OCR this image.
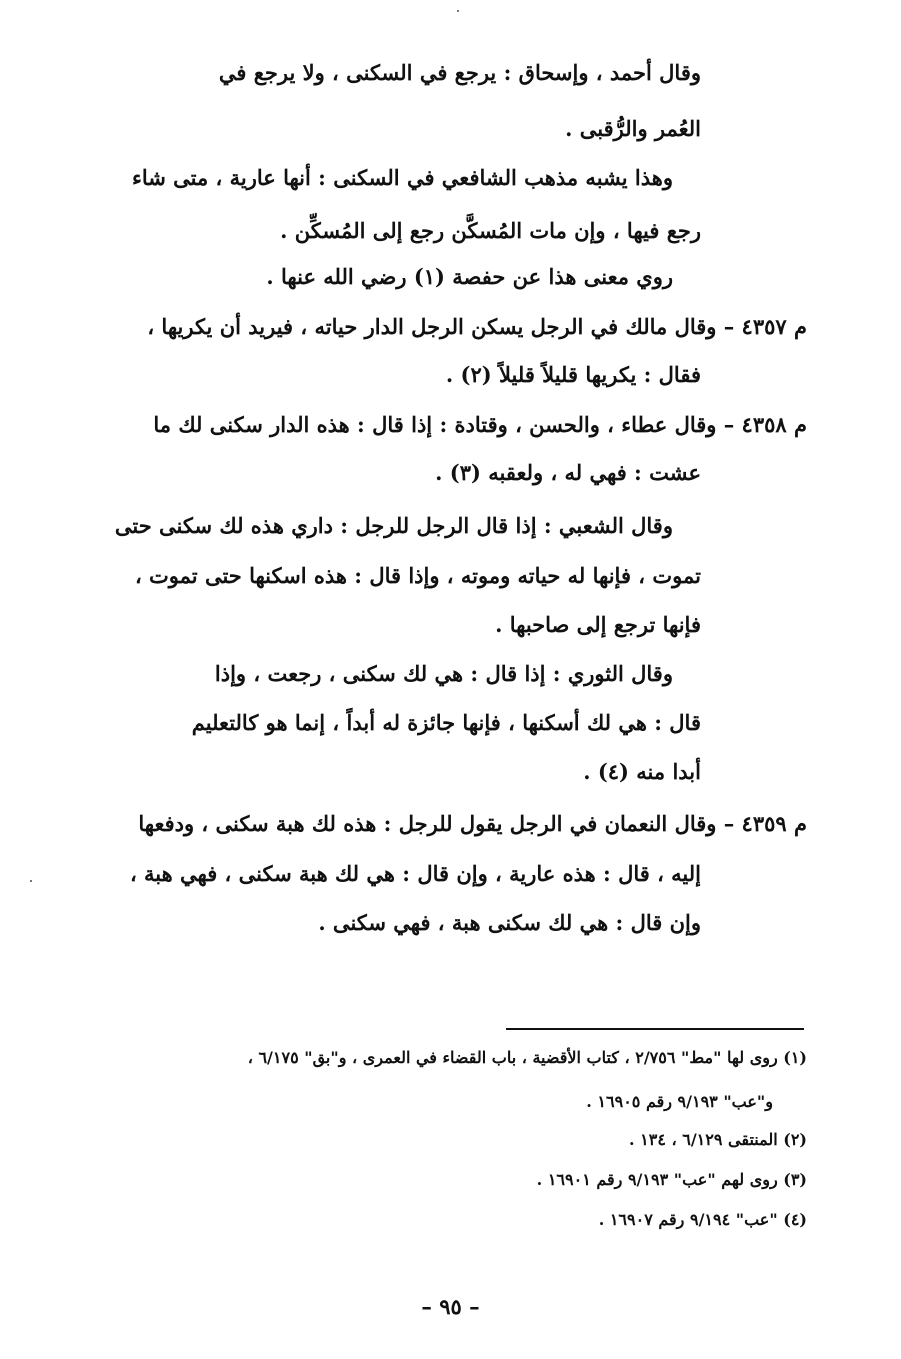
وقال أحمد ، وإسحاق : يرجع في السكنى ، ولا يرجع في
العُمر والرُّقبى .
وهذا يشبه مذهب الشافعي في السكنى : أنها عارية ، متى شاء
رجع فيها ، وإن مات المُسكَّن رجع إلى المُسكِّن .
روي معنى هذا عن حفصة (١) رضي الله عنها .
م ٤٣٥٧ – وقال مالك في الرجل يسكن الرجل الدار حياته ، فيريد أن يكريها ،
فقال : يكريها قليلاً قليلاً (٢) .
م ٤٣٥٨ – وقال عطاء ، والحسن ، وقتادة : إذا قال : هذه الدار سكنى لك ما
عشت : فهي له ، ولعقبه (٣) .
وقال الشعبي : إذا قال الرجل للرجل : داري هذه لك سكنى حتى
تموت ، فإنها له حياته وموته ، وإذا قال : هذه اسكنها حتى تموت ،
فإنها ترجع إلى صاحبها .
وقال الثوري : إذا قال : هي لك سكنى ، رجعت ، وإذا
قال : هي لك أسكنها ، فإنها جائزة له أبداً ، إنما هو كالتعليم
أبدا منه (٤) .
م ٤٣٥٩ – وقال النعمان في الرجل يقول للرجل : هذه لك هبة سكنى ، ودفعها
إليه ، قال : هذه عارية ، وإن قال : هي لك هبة سكنى ، فهي هبة ،
وإن قال : هي لك سكنى هبة ، فهي سكنى .
(١) روى لها "مط" ٢/٧٥٦ ، كتاب الأقضية ، باب القضاء في العمرى ، و"بق" ٦/١٧٥ ،
و"عب" ٩/١٩٣ رقم ١٦٩٠٥ .
(٢) المنتقى ٦/١٢٩ ، ١٣٤ .
(٣) روى لهم "عب" ٩/١٩٣ رقم ١٦٩٠١ .
(٤) "عب" ٩/١٩٤ رقم ١٦٩٠٧ .
– ٩٥ –
